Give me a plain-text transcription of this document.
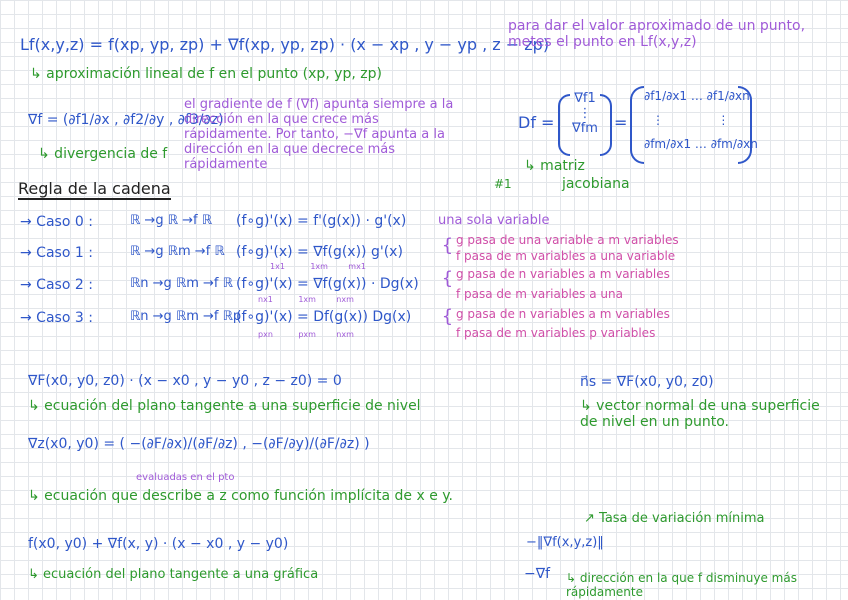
Lf(x,y,z) = f(xp, yp, zp) + ∇f(xp, yp, zp) · (x − xp , y − yp , z − zp)
↳ aproximación lineal de f en el punto (xp, yp, zp)
para dar el valor aproximado de un punto, metes el punto en Lf(x,y,z)
∇f = (∂f1/∂x , ∂f2/∂y , ∂f3/∂z)
↳ divergencia de f
el gradiente de f (∇f) apunta siempre a la dirección en la que crece más rápidamente. Por tanto, −∇f apunta a la dirección en la que decrece más rápidamente
Df =
∇f1
⋮
∇fm =
∂f1/∂x1 … ∂f1/∂xn
⋮              ⋮
∂fm/∂x1 … ∂fm/∂xn
↳ matriz
jacobiana
#1
Regla de la cadena
→ Caso 0 :	ℝ →g ℝ →f ℝ (f∘g)'(x) = f'(g(x)) · g'(x) una sola variable
→ Caso 1 :	ℝ →g ℝm →f ℝ (f∘g)'(x) = ∇f(g(x)) g'(x)
1x1          1xm        mx1
{ g pasa de una variable a m variables
f pasa de m variables a una variable
→ Caso 2 :	ℝn →g ℝm →f ℝ (f∘g)'(x) = ∇f(g(x)) · Dg(x)
nx1          1xm        nxm
{ g pasa de n variables a m variables
f pasa de m variables a una
→ Caso 3 :	ℝn →g ℝm →f ℝp
(f∘g)'(x) = Df(g(x)) Dg(x)
pxn          pxm        nxm
{ g pasa de n variables a m variables
f pasa de m variables p variables
∇F(x0, y0, z0) · (x − x0 , y − y0 , z − z0) = 0
↳ ecuación del plano tangente a una superficie de nivel
n⃗s = ∇F(x0, y0, z0)
↳ vector normal de una superficie de nivel en un punto.
∇z(x0, y0) = ( −(∂F/∂x)/(∂F/∂z) , −(∂F/∂y)/(∂F/∂z) )
evaluadas en el pto
↳ ecuación que describe a z como función implícita de x e y.
f(x0, y0) + ∇f(x, y) · (x − x0 , y − y0)
↳ ecuación del plano tangente a una gráfica
↗ Tasa de variación mínima
−‖∇f(x,y,z)‖
−∇f ↳ dirección en la que f disminuye más rápidamente
